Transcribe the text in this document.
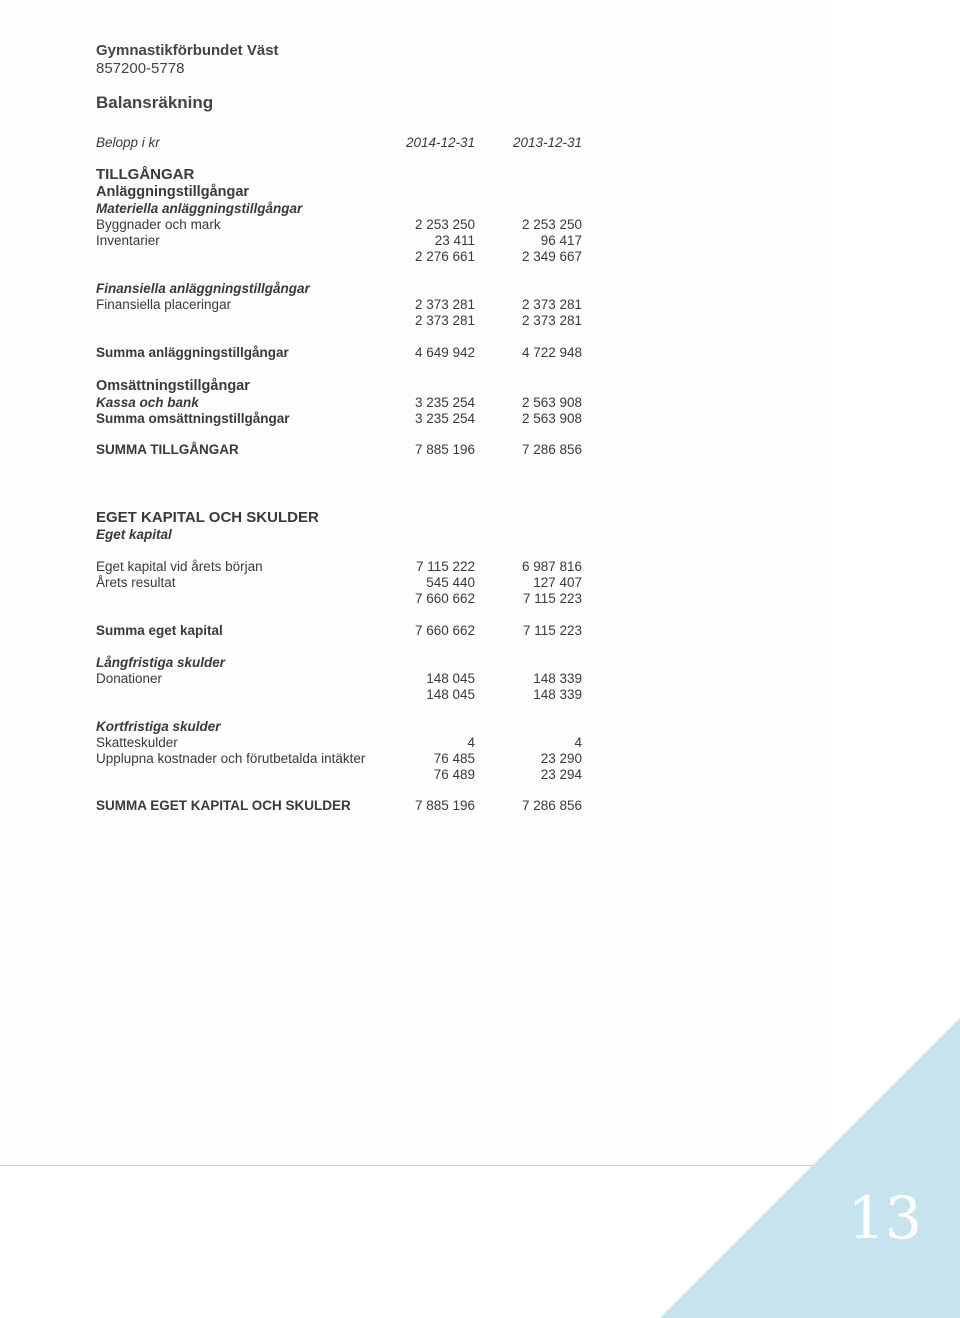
Gymnastikförbundet Väst
857200-5778
Balansräkning
Belopp i kr	2014-12-31	2013-12-31
TILLGÅNGAR
Anläggningstillgångar
Materiella anläggningstillgångar
Byggnader och mark	2 253 250	2 253 250
Inventarier	23 411	96 417
2 276 661	2 349 667
Finansiella anläggningstillgångar
Finansiella placeringar	2 373 281	2 373 281
2 373 281	2 373 281
Summa anläggningstillgångar	4 649 942	4 722 948
Omsättningstillgångar
Kassa och bank	3 235 254	2 563 908
Summa omsättningstillgångar	3 235 254	2 563 908
SUMMA TILLGÅNGAR	7 885 196	7 286 856
EGET KAPITAL OCH SKULDER
Eget kapital
Eget kapital vid årets början	7 115 222	6 987 816
Årets resultat	545 440	127 407
7 660 662	7 115 223
Summa eget kapital	7 660 662	7 115 223
Långfristiga skulder
Donationer	148 045	148 339
148 045	148 339
Kortfristiga skulder
Skatteskulder	4	4
Upplupna kostnader och förutbetalda intäkter	76 485	23 290
76 489	23 294
SUMMA EGET KAPITAL OCH SKULDER	7 885 196	7 286 856
13
